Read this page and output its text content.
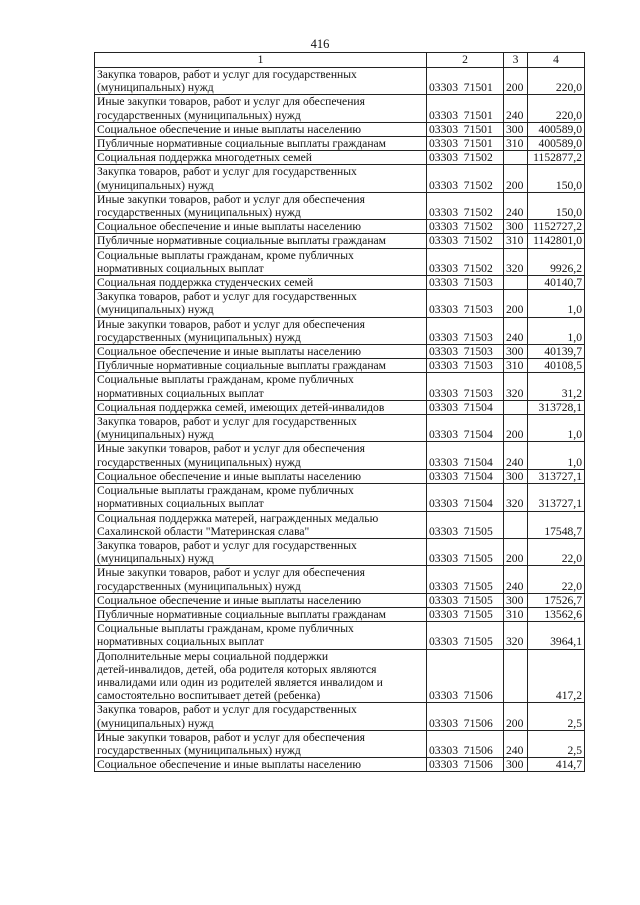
416
1	2	3	4
Закупка товаров, работ и услуг для государственных
(муниципальных) нужд	03303  71501	200	220,0
Иные закупки товаров, работ и услуг для обеспечения
государственных (муниципальных) нужд	03303  71501	240	220,0
Социальное обеспечение и иные выплаты населению	03303  71501	300	400589,0
Публичные нормативные социальные выплаты гражданам	03303  71501	310	400589,0
Социальная поддержка многодетных семей	03303  71502		1152877,2
Закупка товаров, работ и услуг для государственных
(муниципальных) нужд	03303  71502	200	150,0
Иные закупки товаров, работ и услуг для обеспечения
государственных (муниципальных) нужд	03303  71502	240	150,0
Социальное обеспечение и иные выплаты населению	03303  71502	300	1152727,2
Публичные нормативные социальные выплаты гражданам	03303  71502	310	1142801,0
Социальные выплаты гражданам, кроме публичных
нормативных социальных выплат	03303  71502	320	9926,2
Социальная поддержка студенческих семей	03303  71503		40140,7
Закупка товаров, работ и услуг для государственных
(муниципальных) нужд	03303  71503	200	1,0
Иные закупки товаров, работ и услуг для обеспечения
государственных (муниципальных) нужд	03303  71503	240	1,0
Социальное обеспечение и иные выплаты населению	03303  71503	300	40139,7
Публичные нормативные социальные выплаты гражданам	03303  71503	310	40108,5
Социальные выплаты гражданам, кроме публичных
нормативных социальных выплат	03303  71503	320	31,2
Социальная поддержка семей, имеющих детей-инвалидов	03303  71504		313728,1
Закупка товаров, работ и услуг для государственных
(муниципальных) нужд	03303  71504	200	1,0
Иные закупки товаров, работ и услуг для обеспечения
государственных (муниципальных) нужд	03303  71504	240	1,0
Социальное обеспечение и иные выплаты населению	03303  71504	300	313727,1
Социальные выплаты гражданам, кроме публичных
нормативных социальных выплат	03303  71504	320	313727,1
Социальная поддержка матерей, награжденных медалью
Сахалинской области "Материнская слава"	03303  71505		17548,7
Закупка товаров, работ и услуг для государственных
(муниципальных) нужд	03303  71505	200	22,0
Иные закупки товаров, работ и услуг для обеспечения
государственных (муниципальных) нужд	03303  71505	240	22,0
Социальное обеспечение и иные выплаты населению	03303  71505	300	17526,7
Публичные нормативные социальные выплаты гражданам	03303  71505	310	13562,6
Социальные выплаты гражданам, кроме публичных
нормативных социальных выплат	03303  71505	320	3964,1
Дополнительные меры социальной поддержки
детей-инвалидов, детей, оба родителя которых являются
инвалидами или один из родителей является инвалидом и
самостоятельно воспитывает детей (ребенка)	03303  71506		417,2
Закупка товаров, работ и услуг для государственных
(муниципальных) нужд	03303  71506	200	2,5
Иные закупки товаров, работ и услуг для обеспечения
государственных (муниципальных) нужд	03303  71506	240	2,5
Социальное обеспечение и иные выплаты населению	03303  71506	300	414,7
